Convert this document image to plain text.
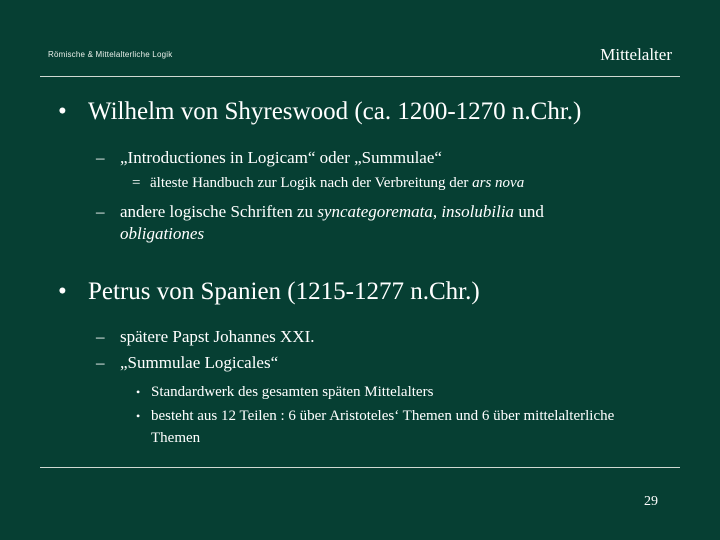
Römische & Mittelalterliche Logik	Mittelalter
• Wilhelm von Shyreswood (ca. 1200-1270 n.Chr.)
– „Introductiones in Logicam“ oder „Summulae“
= älteste Handbuch zur Logik nach der Verbreitung der ars nova
– andere logische Schriften zu syncategoremata, insolubilia und
obligationes
• Petrus von Spanien (1215-1277 n.Chr.)
– spätere Papst Johannes XXI.
– „Summulae Logicales“
• Standardwerk des gesamten späten Mittelalters
• besteht aus 12 Teilen : 6 über Aristoteles‘ Themen und 6 über mittelalterliche Themen
29
